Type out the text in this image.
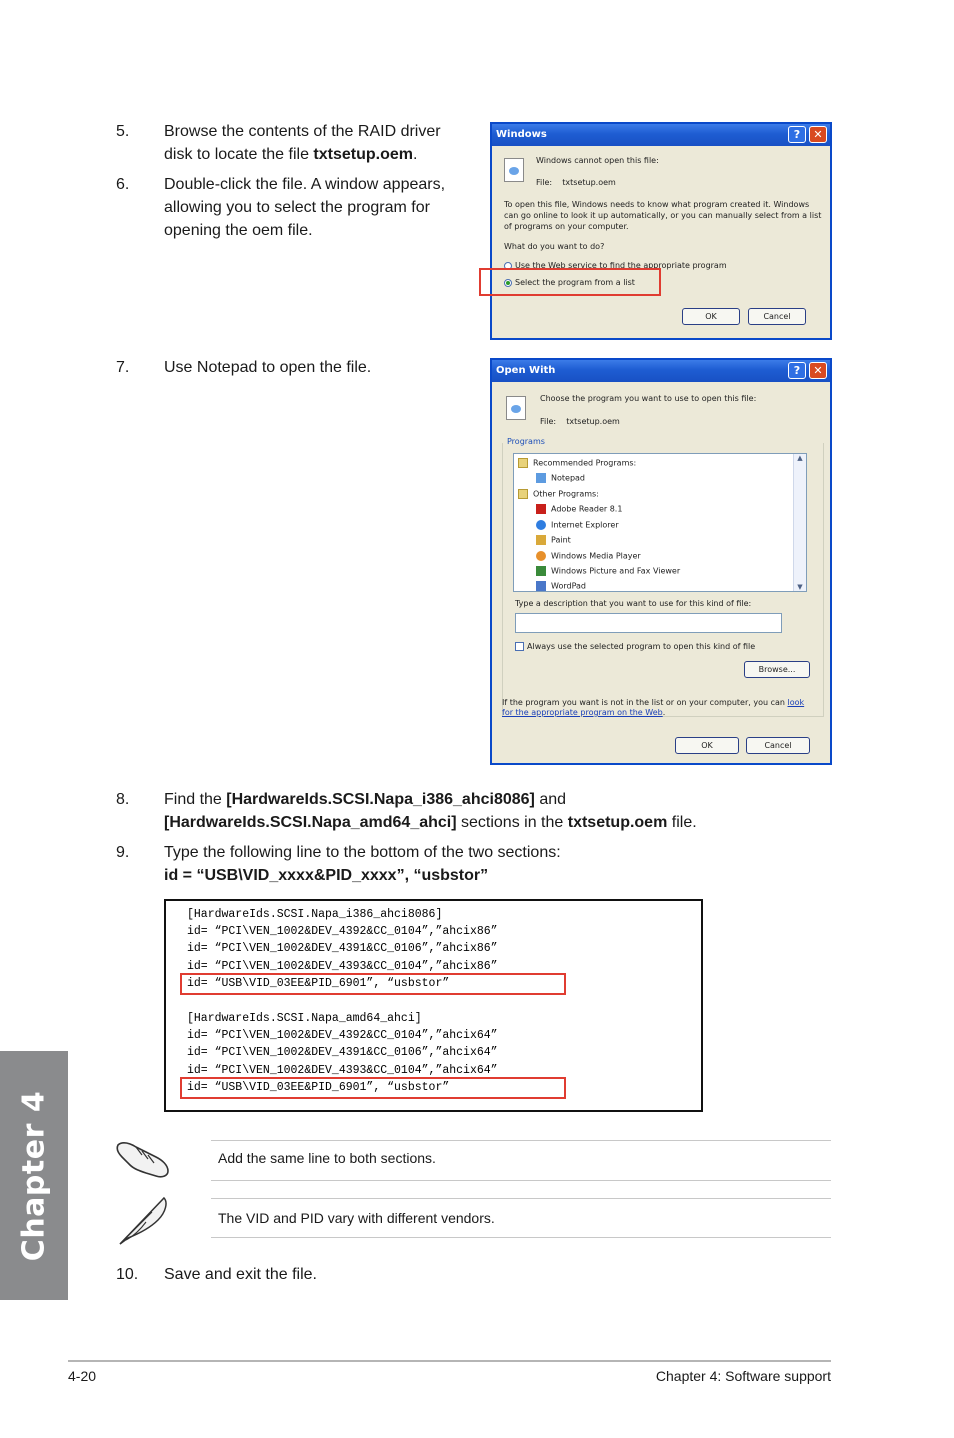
5. Browse the contents of the RAID driver
disk to locate the file txtsetup.oem.
6. Double-click the file. A window appears,
allowing you to select the program for
opening the oem file.
Windows	?	✕
Windows cannot open this file:
File: txtsetup.oem
To open this file, Windows needs to know what program created it. Windows
can go online to look it up automatically, or you can manually select from a list
of programs on your computer.
What do you want to do?
Use the Web service to find the appropriate program
Select the program from a list
OK	Cancel
7. Use Notepad to open the file.	Open With	?	✕
Choose the program you want to use to open this file:
File: txtsetup.oem
Programs
Recommended Programs:
Notepad
Other Programs:
Adobe Reader 8.1
Internet Explorer
Paint
Windows Media Player
Windows Picture and Fax Viewer
WordPad
▲
▼
Type a description that you want to use for this kind of file:
Always use the selected program to open this kind of file
Browse...
If the program you want is not in the list or on your computer, you can look
for the appropriate program on the Web.
OK	Cancel
8. Find the [HardwareIds.SCSI.Napa_i386_ahci8086] and
[HardwareIds.SCSI.Napa_amd64_ahci] sections in the txtsetup.oem file.
9. Type the following line to the bottom of the two sections:
id = “USB\VID_xxxx&PID_xxxx”, “usbstor”
[HardwareIds.SCSI.Napa_i386_ahci8086]
id= “PCI\VEN_1002&DEV_4392&CC_0104”,”ahcix86”
id= “PCI\VEN_1002&DEV_4391&CC_0106”,”ahcix86”
id= “PCI\VEN_1002&DEV_4393&CC_0104”,”ahcix86”
id= “USB\VID_03EE&PID_6901”, “usbstor”
[HardwareIds.SCSI.Napa_amd64_ahci]
id= “PCI\VEN_1002&DEV_4392&CC_0104”,”ahcix64”
id= “PCI\VEN_1002&DEV_4391&CC_0106”,”ahcix64”
id= “PCI\VEN_1002&DEV_4393&CC_0104”,”ahcix64”
id= “USB\VID_03EE&PID_6901”, “usbstor”
Add the same line to both sections.
The VID and PID vary with different vendors.
10. Save and exit the file.
Chapter 4
4-20	Chapter 4: Software support
